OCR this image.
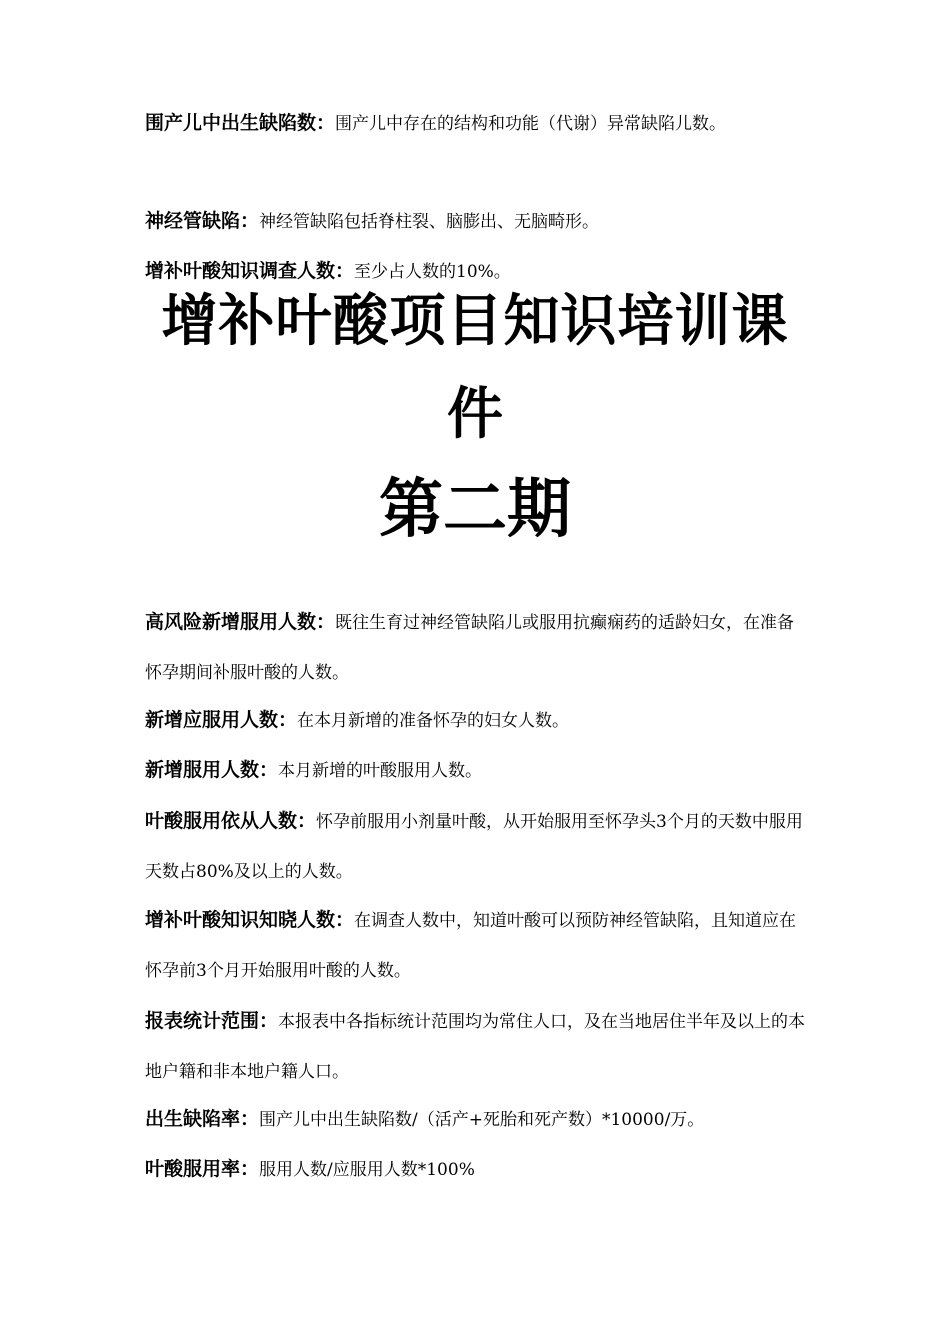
围产儿中出生缺陷数：围产儿中存在的结构和功能（代谢）异常缺陷儿数。

神经管缺陷：神经管缺陷包括脊柱裂、脑膨出、无脑畸形。

增补叶酸知识调查人数：至少占人数的10%。

增补叶酸项目知识培训课
件
第二期

高风险新增服用人数：既往生育过神经管缺陷儿或服用抗癫痫药的适龄妇女，在准备怀孕期间补服叶酸的人数。

新增应服用人数：在本月新增的准备怀孕的妇女人数。

新增服用人数：本月新增的叶酸服用人数。

叶酸服用依从人数：怀孕前服用小剂量叶酸，从开始服用至怀孕头3个月的天数中服用天数占80%及以上的人数。

增补叶酸知识知晓人数：在调查人数中，知道叶酸可以预防神经管缺陷，且知道应在怀孕前3个月开始服用叶酸的人数。

报表统计范围：本报表中各指标统计范围均为常住人口，及在当地居住半年及以上的本地户籍和非本地户籍人口。

出生缺陷率：围产儿中出生缺陷数/（活产+死胎和死产数）*10000/万。

叶酸服用率：服用人数/应服用人数*100%
